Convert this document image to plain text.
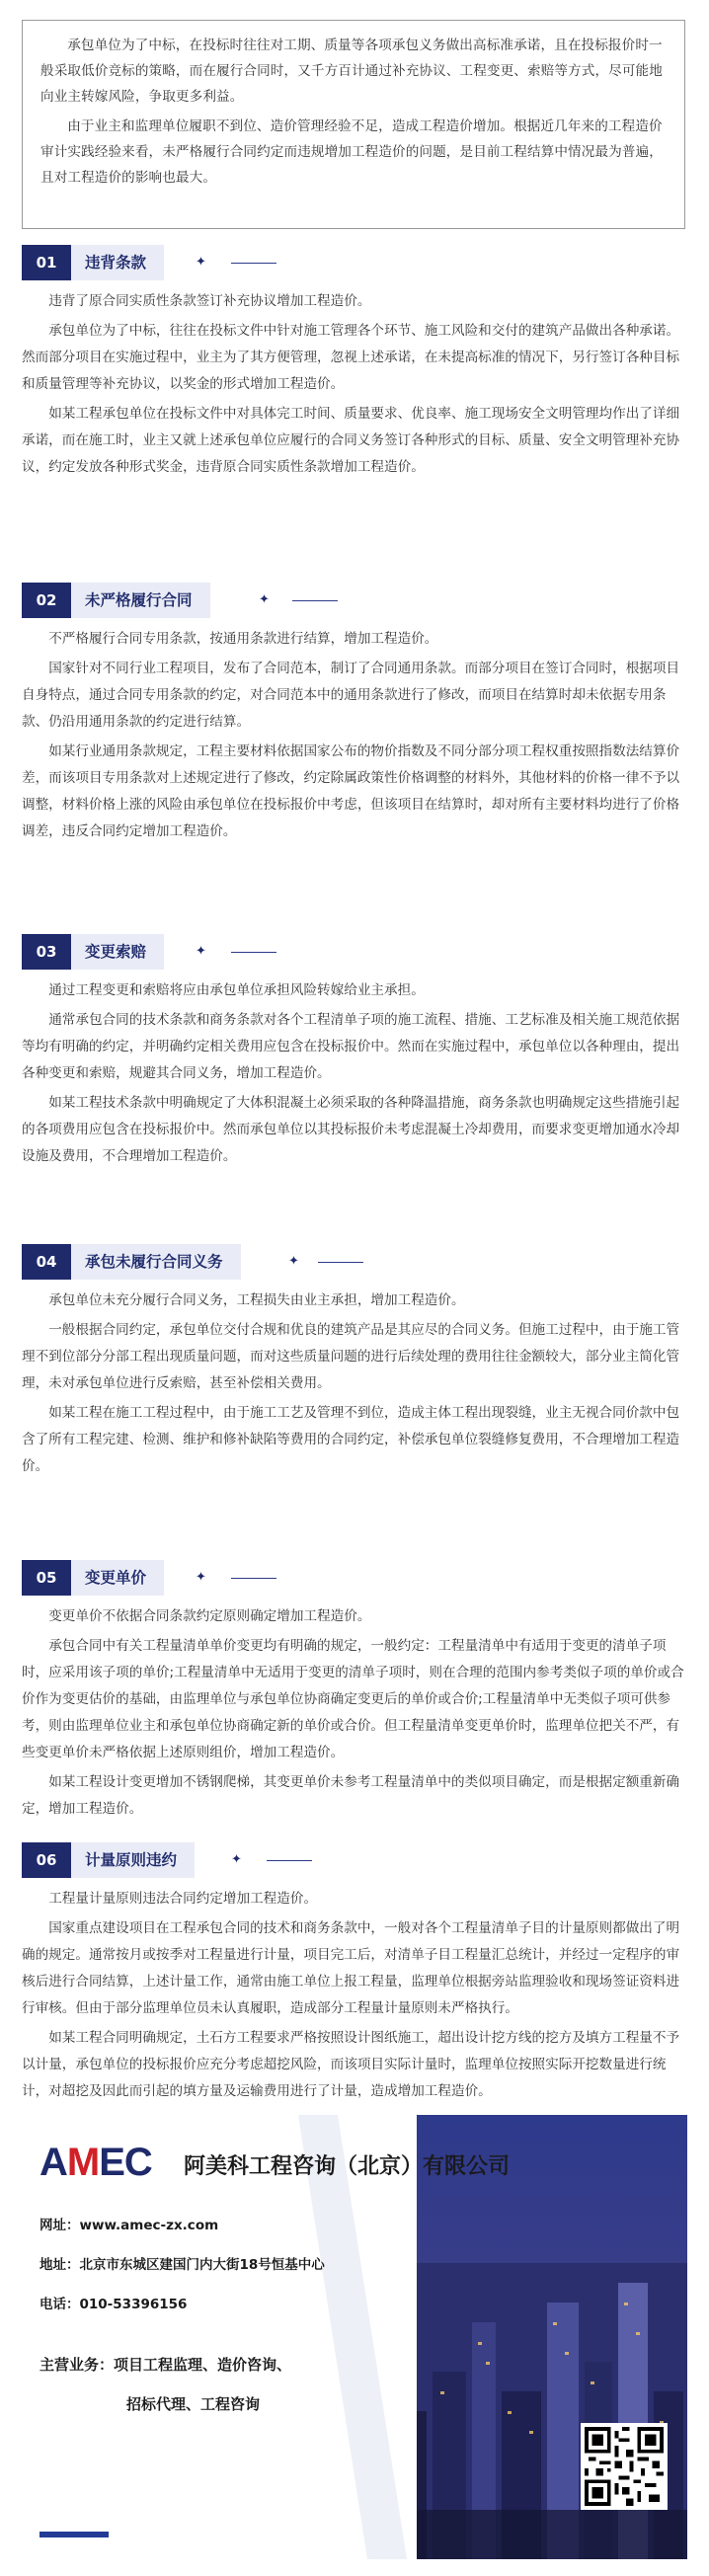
承包单位为了中标，在投标时往往对工期、质量等各项承包义务做出高标准承诺，且在投标报价时一般采取低价竞标的策略，而在履行合同时，又千方百计通过补充协议、工程变更、索赔等方式，尽可能地向业主转嫁风险，争取更多利益。

由于业主和监理单位履职不到位、造价管理经验不足，造成工程造价增加。根据近几年来的工程造价审计实践经验来看，未严格履行合同约定而违规增加工程造价的问题，是目前工程结算中情况最为普遍，且对工程造价的影响也最大。

01	违背条款	✦

违背了原合同实质性条款签订补充协议增加工程造价。

承包单位为了中标，往往在投标文件中针对施工管理各个环节、施工风险和交付的建筑产品做出各种承诺。然而部分项目在实施过程中，业主为了其方便管理，忽视上述承诺，在未提高标准的情况下，另行签订各种目标和质量管理等补充协议，以奖金的形式增加工程造价。

如某工程承包单位在投标文件中对具体完工时间、质量要求、优良率、施工现场安全文明管理均作出了详细承诺，而在施工时，业主又就上述承包单位应履行的合同义务签订各种形式的目标、质量、安全文明管理补充协议，约定发放各种形式奖金，违背原合同实质性条款增加工程造价。

02	未严格履行合同	✦

不严格履行合同专用条款，按通用条款进行结算，增加工程造价。

国家针对不同行业工程项目，发布了合同范本，制订了合同通用条款。而部分项目在签订合同时，根据项目自身特点，通过合同专用条款的约定，对合同范本中的通用条款进行了修改，而项目在结算时却未依据专用条款、仍沿用通用条款的约定进行结算。

如某行业通用条款规定，工程主要材料依据国家公布的物价指数及不同分部分项工程权重按照指数法结算价差，而该项目专用条款对上述规定进行了修改，约定除属政策性价格调整的材料外，其他材料的价格一律不予以调整，材料价格上涨的风险由承包单位在投标报价中考虑，但该项目在结算时，却对所有主要材料均进行了价格调差，违反合同约定增加工程造价。

03	变更索赔	✦

通过工程变更和索赔将应由承包单位承担风险转嫁给业主承担。

通常承包合同的技术条款和商务条款对各个工程清单子项的施工流程、措施、工艺标准及相关施工规范依据等均有明确的约定，并明确约定相关费用应包含在投标报价中。然而在实施过程中，承包单位以各种理由，提出各种变更和索赔，规避其合同义务，增加工程造价。

如某工程技术条款中明确规定了大体积混凝土必须采取的各种降温措施，商务条款也明确规定这些措施引起的各项费用应包含在投标报价中。然而承包单位以其投标报价未考虑混凝土冷却费用，而要求变更增加通水冷却设施及费用，不合理增加工程造价。

04	承包未履行合同义务	✦

承包单位未充分履行合同义务，工程损失由业主承担，增加工程造价。

一般根据合同约定，承包单位交付合规和优良的建筑产品是其应尽的合同义务。但施工过程中，由于施工管理不到位部分分部工程出现质量问题，而对这些质量问题的进行后续处理的费用往往金额较大，部分业主简化管理，未对承包单位进行反索赔，甚至补偿相关费用。

如某工程在施工工程过程中，由于施工工艺及管理不到位，造成主体工程出现裂缝，业主无视合同价款中包含了所有工程完建、检测、维护和修补缺陷等费用的合同约定，补偿承包单位裂缝修复费用，不合理增加工程造价。

05	变更单价	✦

变更单价不依据合同条款约定原则确定增加工程造价。

承包合同中有关工程量清单单价变更均有明确的规定，一般约定：工程量清单中有适用于变更的清单子项时，应采用该子项的单价;工程量清单中无适用于变更的清单子项时，则在合理的范围内参考类似子项的单价或合价作为变更估价的基础，由监理单位与承包单位协商确定变更后的单价或合价;工程量清单中无类似子项可供参考，则由监理单位业主和承包单位协商确定新的单价或合价。但工程量清单变更单价时，监理单位把关不严，有些变更单价未严格依据上述原则组价，增加工程造价。

如某工程设计变更增加不锈钢爬梯，其变更单价未参考工程量清单中的类似项目确定，而是根据定额重新确定，增加工程造价。

06	计量原则违约	✦

工程量计量原则违法合同约定增加工程造价。

国家重点建设项目在工程承包合同的技术和商务条款中，一般对各个工程量清单子目的计量原则都做出了明确的规定。通常按月或按季对工程量进行计量，项目完工后，对清单子目工程量汇总统计，并经过一定程序的审核后进行合同结算，上述计量工作，通常由施工单位上报工程量，监理单位根据旁站监理验收和现场签证资料进行审核。但由于部分监理单位员未认真履职，造成部分工程量计量原则未严格执行。

如某工程合同明确规定，土石方工程要求严格按照设计图纸施工，超出设计挖方线的挖方及填方工程量不予以计量，承包单位的投标报价应充分考虑超挖风险，而该项目实际计量时，监理单位按照实际开挖数量进行统计，对超挖及因此而引起的填方量及运输费用进行了计量，造成增加工程造价。

AMEC 阿美科工程咨询（北京）有限公司
网址：www.amec-zx.com
地址：北京市东城区建国门内大街18号恒基中心
电话：010-53396156
主营业务：项目工程监理、造价咨询、
招标代理、工程咨询
